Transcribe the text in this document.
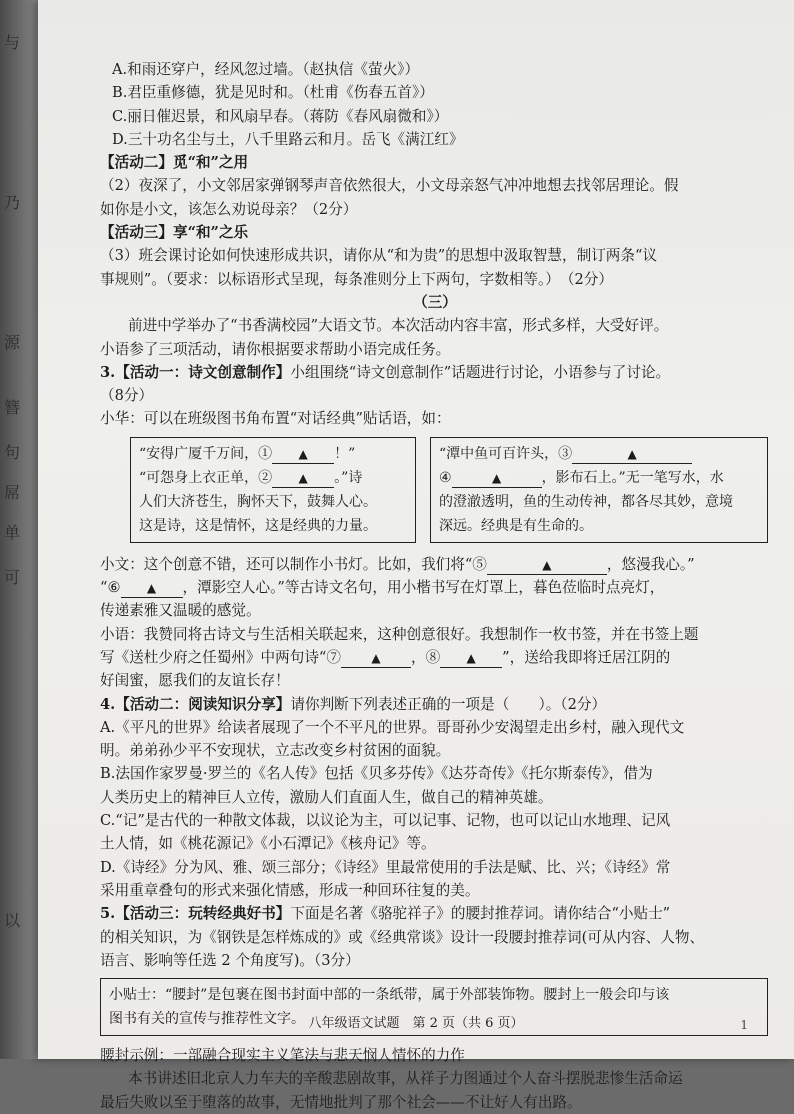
与
乃
源
簪
句
屌
单
可
以
A.和雨还穿户，经风忽过墙。（赵执信《萤火》）
B.君臣重修德，犹是见时和。（杜甫《伤春五首》）
C.丽日催迟景，和风扇早春。（蒋防《春风扇微和》）
D.三十功名尘与土，八千里路云和月。岳飞《满江红》
【活动二】觅“和”之用
（2）夜深了，小文邻居家弹钢琴声音依然很大，小文母亲怒气冲冲地想去找邻居理论。假
如你是小文，该怎么劝说母亲？（2分）
【活动三】享“和”之乐
（3）班会课讨论如何快速形成共识，请你从“和为贵”的思想中汲取智慧，制订两条“议
事规则”。（要求：以标语形式呈现，每条准则分上下两句，字数相等。）　（2分）
（三）
前进中学举办了“书香满校园”大语文节。本次活动内容丰富，形式多样，大受好评。
小语参了三项活动，请你根据要求帮助小语完成任务。
3.【活动一：诗文创意制作】小组围绕“诗文创意制作”话题进行讨论，小语参与了讨论。
（8分）
小华：可以在班级图书角布置“对话经典”贴话语，如：
“安得广厦千万间，① ▲ ！”
“可怨身上衣正单，② ▲ 。”诗
人们大济苍生，胸怀天下，鼓舞人心。
这是诗，这是情怀，这是经典的力量。
“潭中鱼可百许头，③	▲
④	▲	，影布石上。”无一笔写水，水
的澄澈透明，鱼的生动传神，都各尽其妙，意境
深远。经典是有生命的。
小文：这个创意不错，还可以制作小书灯。比如，我们将“⑤	▲	，悠漫我心。”
“⑥ ▲ ，潭影空人心。”等古诗文名句，用小楷书写在灯罩上，暮色莅临时点亮灯，
传递素雅又温暖的感觉。
小语：我赞同将古诗文与生活相关联起来，这种创意很好。我想制作一枚书签，并在书签上题
写《送杜少府之任蜀州》中两句诗“⑦	▲ ，⑧ ▲ ”，送给我即将迁居江阴的
好闺蜜，愿我们的友谊长存！
4.【活动二：阅读知识分享】请你判断下列表述正确的一项是（　　）。（2分）
A.《平凡的世界》给读者展现了一个不平凡的世界。哥哥孙少安渴望走出乡村，融入现代文
明。弟弟孙少平不安现状，立志改变乡村贫困的面貌。
B.法国作家罗曼·罗兰的《名人传》包括《贝多芬传》《达芬奇传》《托尔斯泰传》，借为
人类历史上的精神巨人立传，激励人们直面人生，做自己的精神英雄。
C.“记”是古代的一种散文体裁，以议论为主，可以记事、记物，也可以记山水地理、记风
土人情，如《桃花源记》《小石潭记》《核舟记》等。
D.《诗经》分为风、雅、颂三部分；《诗经》里最常使用的手法是赋、比、兴；《诗经》常
采用重章叠句的形式来强化情感，形成一种回环往复的美。
5.【活动三：玩转经典好书】下面是名著《骆驼祥子》的腰封推荐词。请你结合“小贴士”
的相关知识，为《钢铁是怎样炼成的》或《经典常谈》设计一段腰封推荐词(可从内容、人物、
语言、影响等任选 2 个角度写)。（3分）
小贴士：“腰封”是包裹在图书封面中部的一条纸带，属于外部装饰物。腰封上一般会印与该
图书有关的宣传与推荐性文字。
腰封示例：一部融合现实主义笔法与悲天悯人情怀的力作
本书讲述旧北京人力车夫的辛酸悲剧故事，从祥子力图通过个人奋斗摆脱悲惨生活命运
最后失败以至于堕落的故事，无情地批判了那个社会——不让好人有出路。
八年级语文试题　第 2 页（共 6 页）	1
